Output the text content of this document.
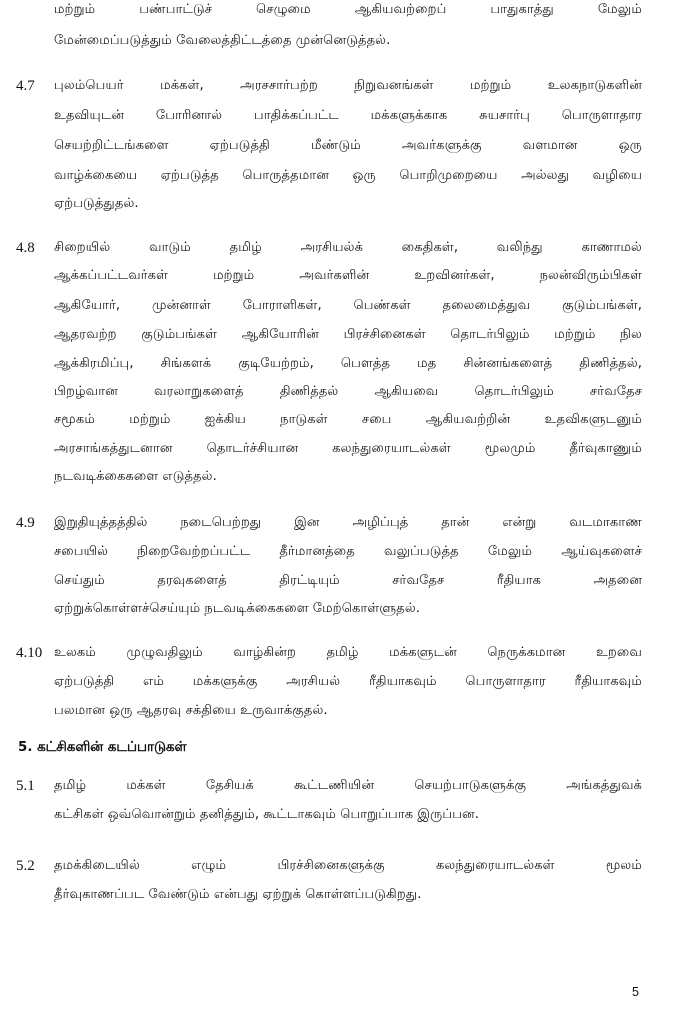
மற்றும் பண்பாட்டுச் செழுமை ஆகியவற்றைப் பாதுகாத்து மேலும்
மேன்மைப்படுத்தும் வேலைத்திட்டத்தை முன்னெடுத்தல்.
4.7 புலம்பெயர் மக்கள், அரசசார்பற்ற நிறுவனங்கள் மற்றும் உலகநாடுகளின்
உதவியுடன் போரினால் பாதிக்கப்பட்ட மக்களுக்காக சுயசார்பு பொருளாதார
செயற்றிட்டங்களை ஏற்படுத்தி மீண்டும் அவர்களுக்கு வளமான ஒரு
வாழ்க்கையை ஏற்படுத்த பொருத்தமான ஒரு பொறிமுறையை அல்லது வழியை
ஏற்படுத்துதல்.
4.8 சிறையில் வாடும் தமிழ் அரசியல்க் கைதிகள், வலிந்து காணாமல்
ஆக்கப்பட்டவர்கள் மற்றும் அவர்களின் உறவினர்கள், நலன்விரும்பிகள்
ஆகியோர், முன்னாள் போராளிகள், பெண்கள் தலைமைத்துவ குடும்பங்கள்,
ஆதரவற்ற குடும்பங்கள் ஆகியோரின் பிரச்சினைகள் தொடர்பிலும் மற்றும் நில
ஆக்கிரமிப்பு, சிங்களக் குடியேற்றம், பௌத்த மத சின்னங்களைத் திணித்தல்,
பிறழ்வான வரலாறுகளைத் திணித்தல் ஆகியவை தொடர்பிலும் சர்வதேச
சமூகம் மற்றும் ஐக்கிய நாடுகள் சபை ஆகியவற்றின் உதவிகளுடனும்
அரசாங்கத்துடனான தொடர்ச்சியான கலந்துரையாடல்கள் மூலமும் தீர்வுகாணும்
நடவடிக்கைகளை எடுத்தல்.
4.9 இறுதியுத்தத்தில் நடைபெற்றது இன அழிப்புத் தான் என்று வடமாகாண
சபையில் நிறைவேற்றப்பட்ட தீர்மானத்தை வலுப்படுத்த மேலும் ஆய்வுகளைச்
செய்தும் தரவுகளைத் திரட்டியும் சர்வதேச ரீதியாக அதனை
ஏற்றுக்கொள்ளச்செய்யும் நடவடிக்கைகளை மேற்கொள்ளுதல்.
4.10 உலகம் முழுவதிலும் வாழ்கின்ற தமிழ் மக்களுடன் நெருக்கமான உறவை
ஏற்படுத்தி எம் மக்களுக்கு அரசியல் ரீதியாகவும் பொருளாதார ரீதியாகவும்
பலமான ஒரு ஆதரவு சக்தியை உருவாக்குதல்.
5. கட்சிகளின் கடப்பாடுகள்
5.1 தமிழ் மக்கள் தேசியக் கூட்டணியின் செயற்பாடுகளுக்கு அங்கத்துவக்
கட்சிகள் ஒவ்வொன்றும் தனித்தும், கூட்டாகவும் பொறுப்பாக இருப்பன.
5.2 தமக்கிடையில் எழும் பிரச்சினைகளுக்கு கலந்துரையாடல்கள் மூலம்
தீர்வுகாணப்பட வேண்டும் என்பது ஏற்றுக் கொள்ளப்படுகிறது.
5
